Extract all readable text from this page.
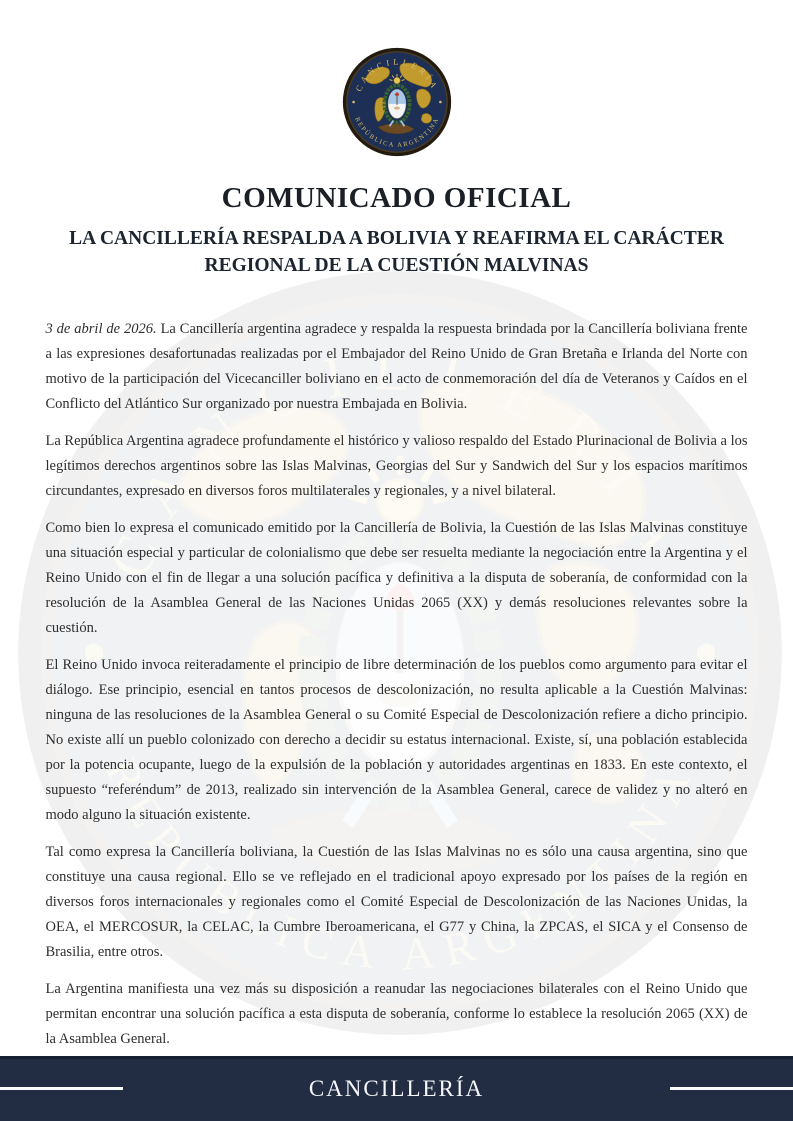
COMUNICADO OFICIAL
LA CANCILLERÍA RESPALDA A BOLIVIA Y REAFIRMA EL CARÁCTER
REGIONAL DE LA CUESTIÓN MALVINAS

3 de abril de 2026. La Cancillería argentina agradece y respalda la respuesta brindada por la Cancillería boliviana frente a las expresiones desafortunadas realizadas por el Embajador del Reino Unido de Gran Bretaña e Irlanda del Norte con motivo de la participación del Vicecanciller boliviano en el acto de conmemoración del día de Veteranos y Caídos en el Conflicto del Atlántico Sur organizado por nuestra Embajada en Bolivia.

La República Argentina agradece profundamente el histórico y valioso respaldo del Estado Plurinacional de Bolivia a los legítimos derechos argentinos sobre las Islas Malvinas, Georgias del Sur y Sandwich del Sur y los espacios marítimos circundantes, expresado en diversos foros multilaterales y regionales, y a nivel bilateral.

Como bien lo expresa el comunicado emitido por la Cancillería de Bolivia, la Cuestión de las Islas Malvinas constituye una situación especial y particular de colonialismo que debe ser resuelta mediante la negociación entre la Argentina y el Reino Unido con el fin de llegar a una solución pacífica y definitiva a la disputa de soberanía, de conformidad con la resolución de la Asamblea General de las Naciones Unidas 2065 (XX) y demás resoluciones relevantes sobre la cuestión.

El Reino Unido invoca reiteradamente el principio de libre determinación de los pueblos como argumento para evitar el diálogo. Ese principio, esencial en tantos procesos de descolonización, no resulta aplicable a la Cuestión Malvinas: ninguna de las resoluciones de la Asamblea General o su Comité Especial de Descolonización refiere a dicho principio. No existe allí un pueblo colonizado con derecho a decidir su estatus internacional. Existe, sí, una población establecida por la potencia ocupante, luego de la expulsión de la población y autoridades argentinas en 1833. En este contexto, el supuesto “referéndum” de 2013, realizado sin intervención de la Asamblea General, carece de validez y no alteró en modo alguno la situación existente.

Tal como expresa la Cancillería boliviana, la Cuestión de las Islas Malvinas no es sólo una causa argentina, sino que constituye una causa regional. Ello se ve reflejado en el tradicional apoyo expresado por los países de la región en diversos foros internacionales y regionales como el Comité Especial de Descolonización de las Naciones Unidas, la OEA, el MERCOSUR, la CELAC, la Cumbre Iberoamericana, el G77 y China, la ZPCAS, el SICA y el Consenso de Brasilia, entre otros.

La Argentina manifiesta una vez más su disposición a reanudar las negociaciones bilaterales con el Reino Unido que permitan encontrar una solución pacífica a esta disputa de soberanía, conforme lo establece la resolución 2065 (XX) de la Asamblea General.

CANCILLERÍA
